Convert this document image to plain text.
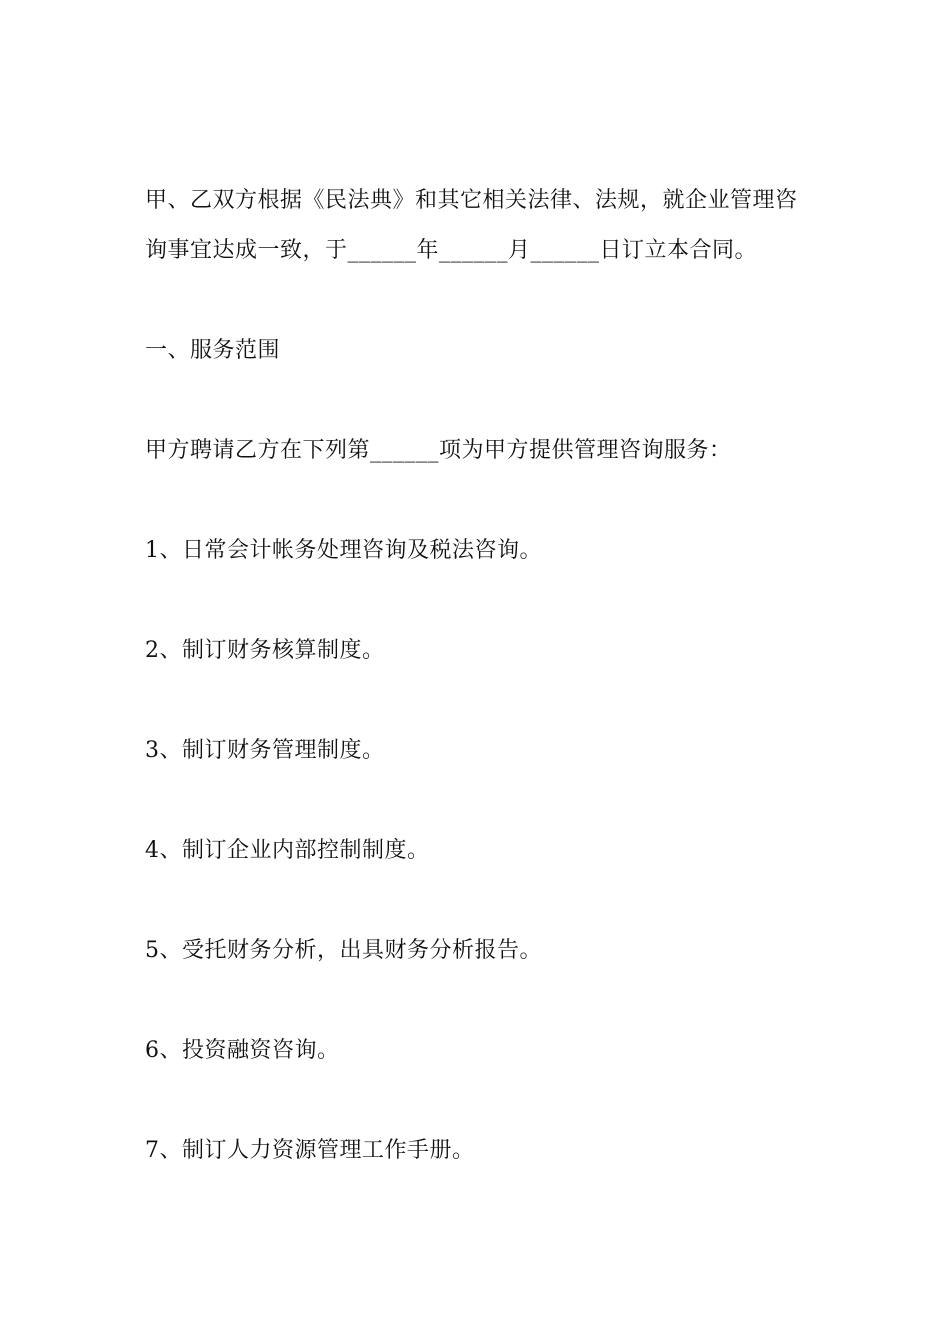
甲、乙双方根据《民法典》和其它相关法律、法规，就企业管理咨
询事宜达成一致，于______年______月______日订立本合同。
一、服务范围
甲方聘请乙方在下列第______项为甲方提供管理咨询服务：
1、日常会计帐务处理咨询及税法咨询。
2、制订财务核算制度。
3、制订财务管理制度。
4、制订企业内部控制制度。
5、受托财务分析，出具财务分析报告。
6、投资融资咨询。
7、制订人力资源管理工作手册。
